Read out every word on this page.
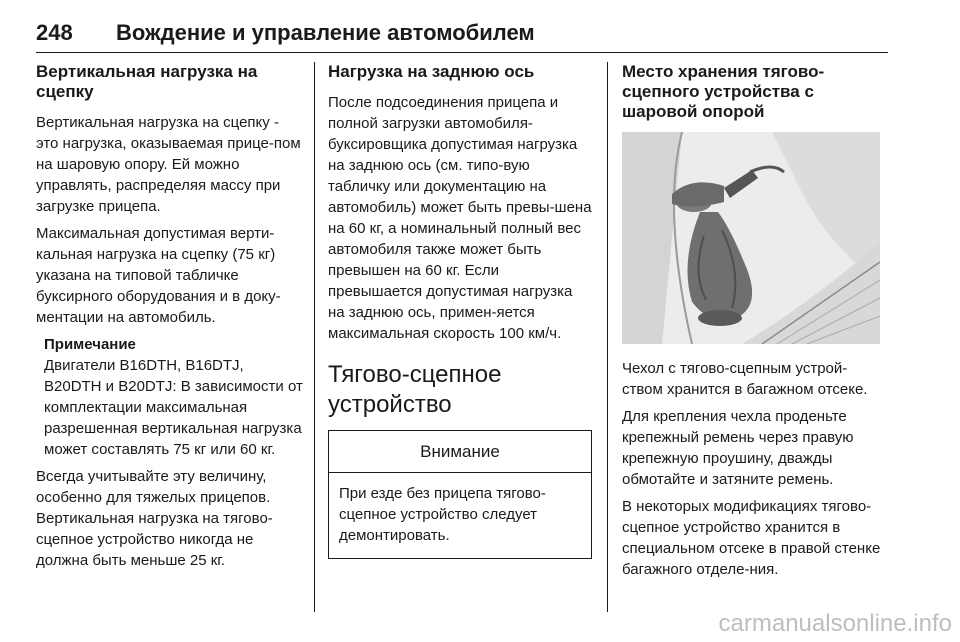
248 Вождение и управление автомобилем
Вертикальная нагрузка на сцепку

Вертикальная нагрузка на сцепку - это нагрузка, оказываемая прице-пом на шаровую опору. Ей можно управлять, распределяя массу при загрузке прицепа.

Максимальная допустимая верти-кальная нагрузка на сцепку (75 кг) указана на типовой табличке буксирного оборудования и в доку-ментации на автомобиль.

Примечание
Двигатели B16DTH, B16DTJ, B20DTH и B20DTJ: В зависимости от комплектации максимальная разрешенная вертикальная нагрузка может составлять 75 кг или 60 кг.

Всегда учитывайте эту величину, особенно для тяжелых прицепов. Вертикальная нагрузка на тягово-сцепное устройство никогда не должна быть меньше 25 кг.

Нагрузка на заднюю ось

После подсоединения прицепа и полной загрузки автомобиля-буксировщика допустимая нагрузка на заднюю ось (см. типо-вую табличку или документацию на автомобиль) может быть превы-шена на 60 кг, а номинальный полный вес автомобиля также может быть превышен на 60 кг. Если превышается допустимая нагрузка на заднюю ось, примен-яется максимальная скорость 100 км/ч.

Тягово-сцепное устройство
Внимание
При езде без прицепа тягово-сцепное устройство следует демонтировать.
Место хранения тягово-сцепного устройства с шаровой опорой

Чехол с тягово-сцепным устрой-ством хранится в багажном отсеке.

Для крепления чехла проденьте крепежный ремень через правую крепежную проушину, дважды обмотайте и затяните ремень.

В некоторых модификациях тягово-сцепное устройство хранится в специальном отсеке в правой стенке багажного отделе-ния.

carmanualsonline.info
